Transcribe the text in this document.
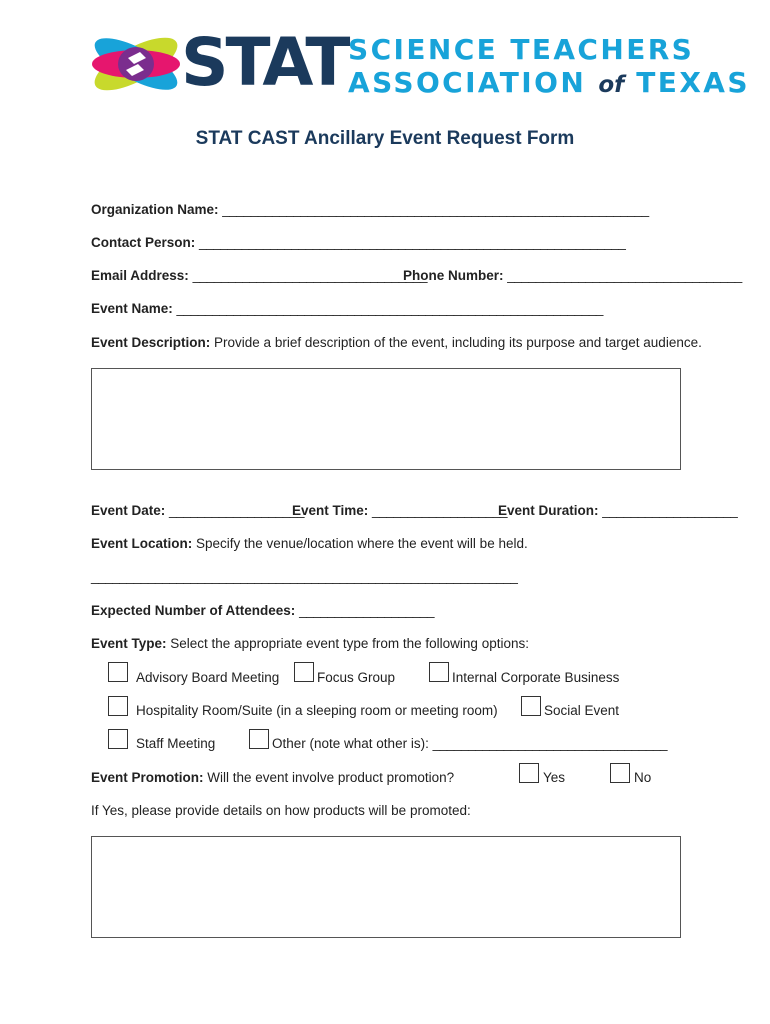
STAT SCIENCE TEACHERS
ASSOCIATION of TEXAS
STAT CAST Ancillary Event Request Form
Organization Name: ____________________________________________________________
Contact Person: ____________________________________________________________
Email Address: _________________________________
Phone Number: _________________________________
Event Name: ____________________________________________________________
Event Description: Provide a brief description of the event, including its purpose and target audience.
Event Date: ___________________
Event Time: ___________________
Event Duration: ___________________
Event Location: Specify the venue/location where the event will be held.
____________________________________________________________
Expected Number of Attendees: ___________________
Event Type: Select the appropriate event type from the following options:
Advisory Board Meeting	Focus Group	Internal Corporate Business
Hospitality Room/Suite (in a sleeping room or meeting room)	Social Event
Staff Meeting	Other (note what other is): _________________________________
Event Promotion: Will the event involve product promotion?	Yes	No
If Yes, please provide details on how products will be promoted:
